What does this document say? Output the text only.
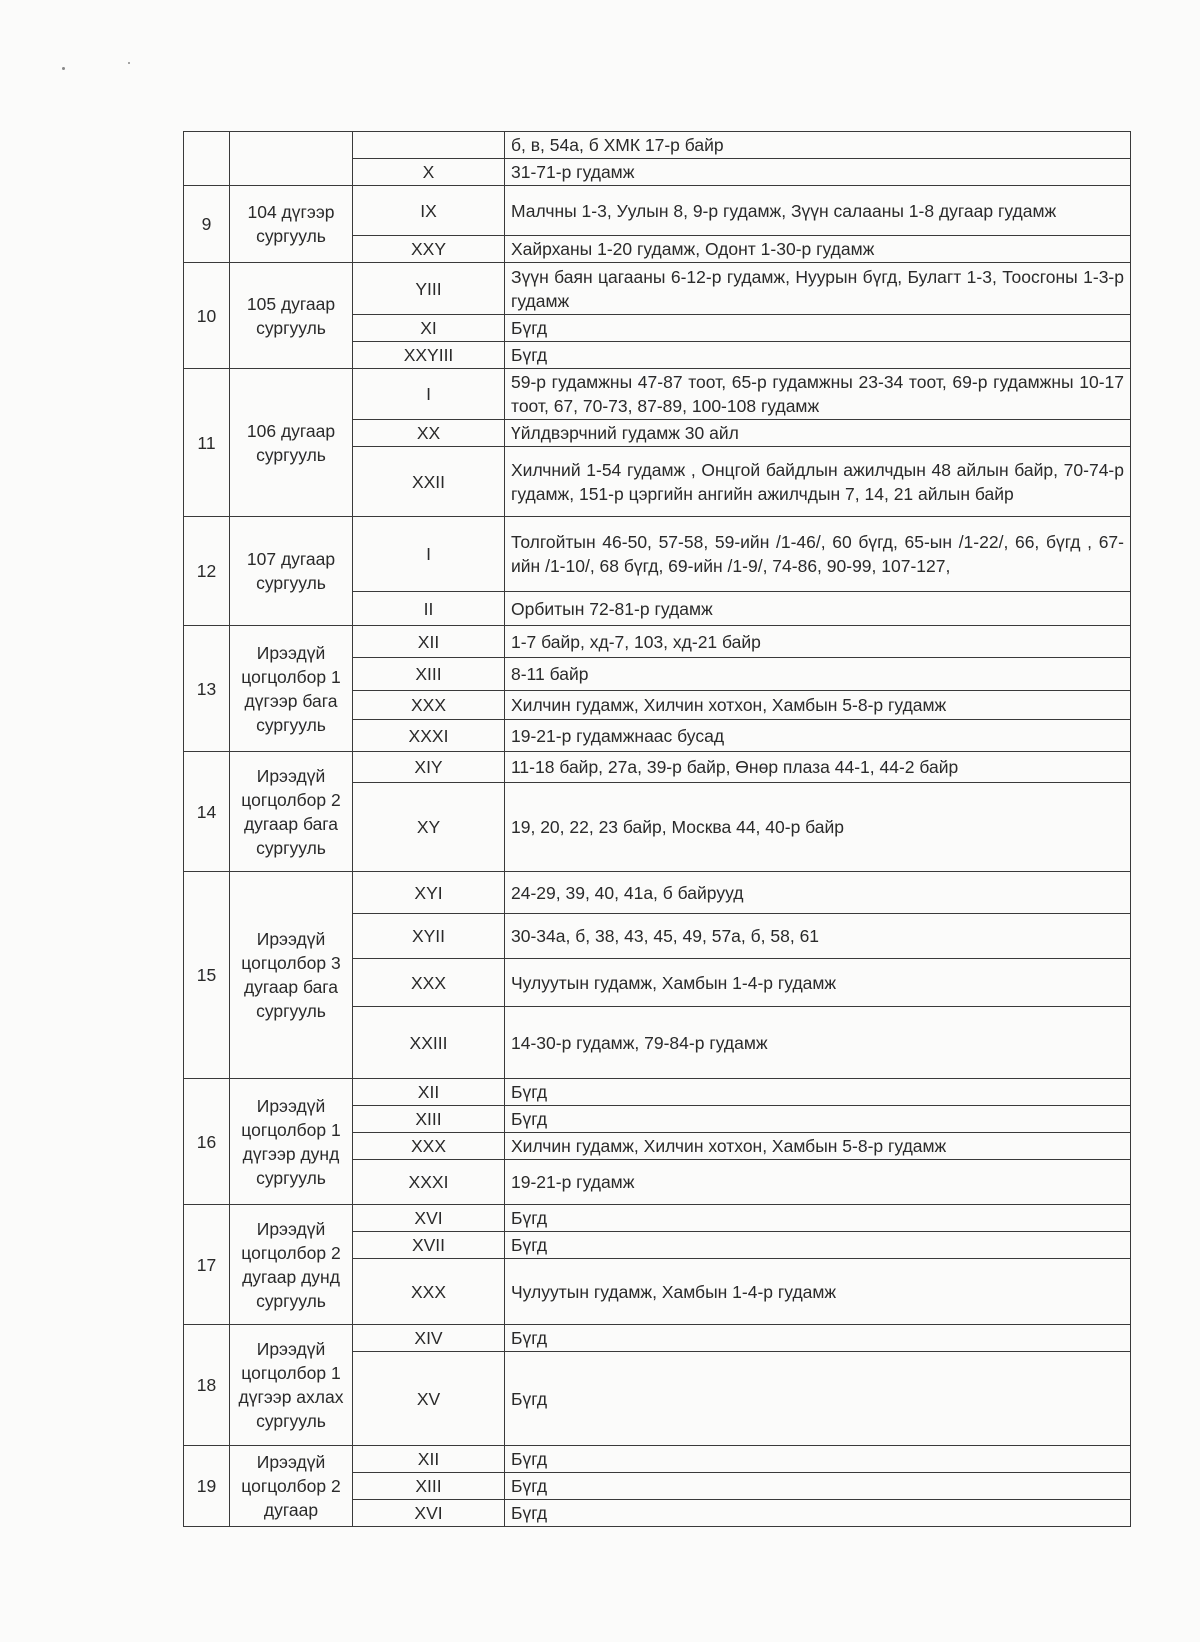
			б, в, 54а, б ХМК 17-р байр
		X	31-71-р гудамж
9	104 дүгээр сургууль	IX	Малчны 1-3, Уулын 8, 9-р гудамж, Зүүн салааны 1-8 дугаар гудамж
		XXY	Хайрханы 1-20 гудамж, Одонт 1-30-р гудамж
10	105 дугаар сургууль	YIII	Зүүн баян цагааны 6-12-р гудамж, Нуурын бүгд, Булагт 1-3, Тоосгоны 1-3-р гудамж
		XI	Бүгд
		XXYIII	Бүгд
11	106 дугаар сургууль	I	59-р гудамжны 47-87 тоот, 65-р гудамжны 23-34 тоот, 69-р гудамжны 10-17 тоот, 67, 70-73, 87-89, 100-108 гудамж
		XX	Үйлдвэрчний гудамж 30 айл
		XXII	Хилчний 1-54 гудамж , Онцгой байдлын ажилчдын 48 айлын байр, 70-74-р гудамж, 151-р цэргийн ангийн ажилчдын 7, 14, 21 айлын байр
12	107 дугаар сургууль	I	Толгойтын 46-50, 57-58, 59-ийн /1-46/, 60 бүгд, 65-ын /1-22/, 66, бүгд , 67-ийн /1-10/, 68 бүгд, 69-ийн /1-9/, 74-86, 90-99, 107-127,
		II	Орбитын 72-81-р гудамж
13	Ирээдүй цогцолбор 1 дүгээр бага сургууль	XII	1-7 байр, хд-7, 103, хд-21 байр
		XIII	8-11 байр
		XXX	Хилчин гудамж, Хилчин хотхон, Хамбын 5-8-р гудамж
		XXXI	19-21-р гудамжнаас бусад
14	Ирээдүй цогцолбор 2 дугаар бага сургууль	XIY	11-18 байр, 27а, 39-р байр, Өнөр плаза 44-1, 44-2 байр
		XY	19, 20, 22, 23 байр, Москва 44, 40-р байр
15	Ирээдүй цогцолбор 3 дугаар бага сургууль	XYI	24-29, 39, 40, 41а, б байрууд
		XYII	30-34а, б, 38, 43, 45, 49, 57а, б, 58, 61
		XXX	Чулуутын гудамж, Хамбын 1-4-р гудамж
		XXIII	14-30-р гудамж, 79-84-р гудамж
16	Ирээдүй цогцолбор 1 дүгээр дунд сургууль	XII	Бүгд
		XIII	Бүгд
		XXX	Хилчин гудамж, Хилчин хотхон, Хамбын 5-8-р гудамж
		XXXI	19-21-р гудамж
17	Ирээдүй цогцолбор 2 дугаар дунд сургууль	XVI	Бүгд
		XVII	Бүгд
		XXX	Чулуутын гудамж, Хамбын 1-4-р гудамж
18	Ирээдүй цогцолбор 1 дүгээр ахлах сургууль	XIV	Бүгд
		XV	Бүгд
19	Ирээдүй цогцолбор 2 дугаар	XII	Бүгд
		XIII	Бүгд
		XVI	Бүгд
